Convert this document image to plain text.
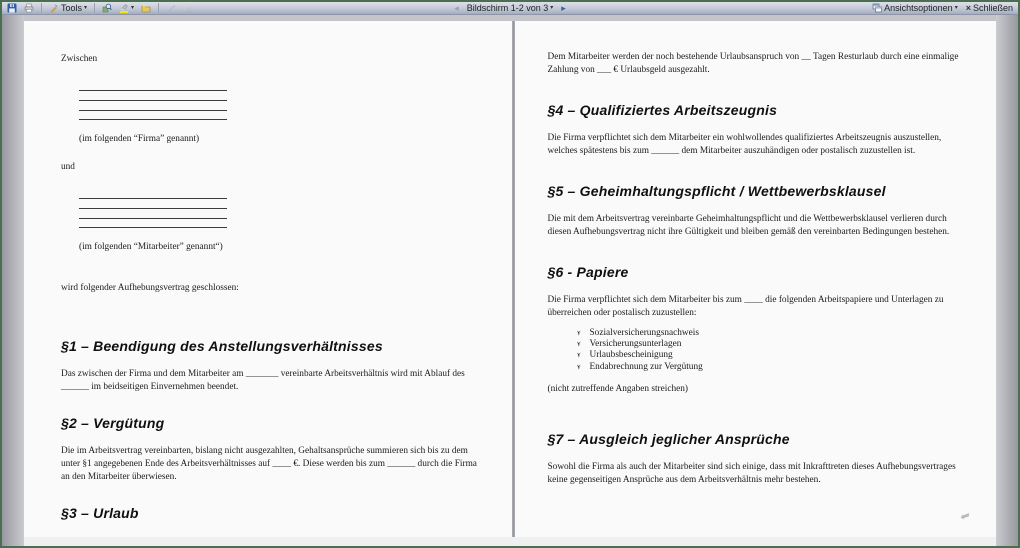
Tools ▾	▾	◂ Bildschirm 1-2 von 3 ▾ ▸	Ansichtsoptionen ▾ × Schließen

Zwischen

(im folgenden “Firma” genannt)

und

(im folgenden “Mitarbeiter” genannt“)

wird folgender Aufhebungsvertrag geschlossen:

§1 – Beendigung des Anstellungsverhältnisses

Das zwischen der Firma und dem Mitarbeiter am _______ vereinbarte Arbeitsverhältnis wird mit Ablauf des ______ im beidseitigen Einvernehmen beendet.

§2 – Vergütung

Die im Arbeitsvertrag vereinbarten, bislang nicht ausgezahlten, Gehaltsansprüche summieren sich bis zu dem unter §1 angegebenen Ende des Arbeitsverhältnisses auf ____ €. Diese werden bis zum ______ durch die Firma an den Mitarbeiter überwiesen.

§3 – Urlaub

Dem Mitarbeiter werden der noch bestehende Urlaubsanspruch von __ Tagen Resturlaub durch eine einmalige Zahlung von ___ € Urlaubsgeld ausgezahlt.

§4 – Qualifiziertes Arbeitszeugnis

Die Firma verpflichtet sich dem Mitarbeiter ein wohlwollendes qualifiziertes Arbeitszeugnis auszustellen, welches spätestens bis zum ______ dem Mitarbeiter auszuhändigen oder postalisch zuzustellen ist.

§5 – Geheimhaltungspflicht / Wettbewerbsklausel

Die mit dem Arbeitsvertrag vereinbarte Geheimhaltungspflicht und die Wettbewerbsklausel verlieren durch diesen Aufhebungsvertrag nicht ihre Gültigkeit und bleiben gemäß den vereinbarten Bedingungen bestehen.

§6 - Papiere

Die Firma verpflichtet sich dem Mitarbeiter bis zum ____ die folgenden Arbeitspapiere und Unterlagen zu überreichen oder postalisch zuzustellen:

➢ Sozialversicherungsnachweis
➢ Versicherungsunterlagen
➢ Urlaubsbescheinigung
➢ Endabrechnung zur Vergütung

(nicht zutreffende Angaben streichen)

§7 – Ausgleich jeglicher Ansprüche

Sowohl die Firma als auch der Mitarbeiter sind sich einige, dass mit Inkrafttreten dieses Aufhebungsvertrages keine gegenseitigen Ansprüche aus dem Arbeitsverhältnis mehr bestehen.

➥
